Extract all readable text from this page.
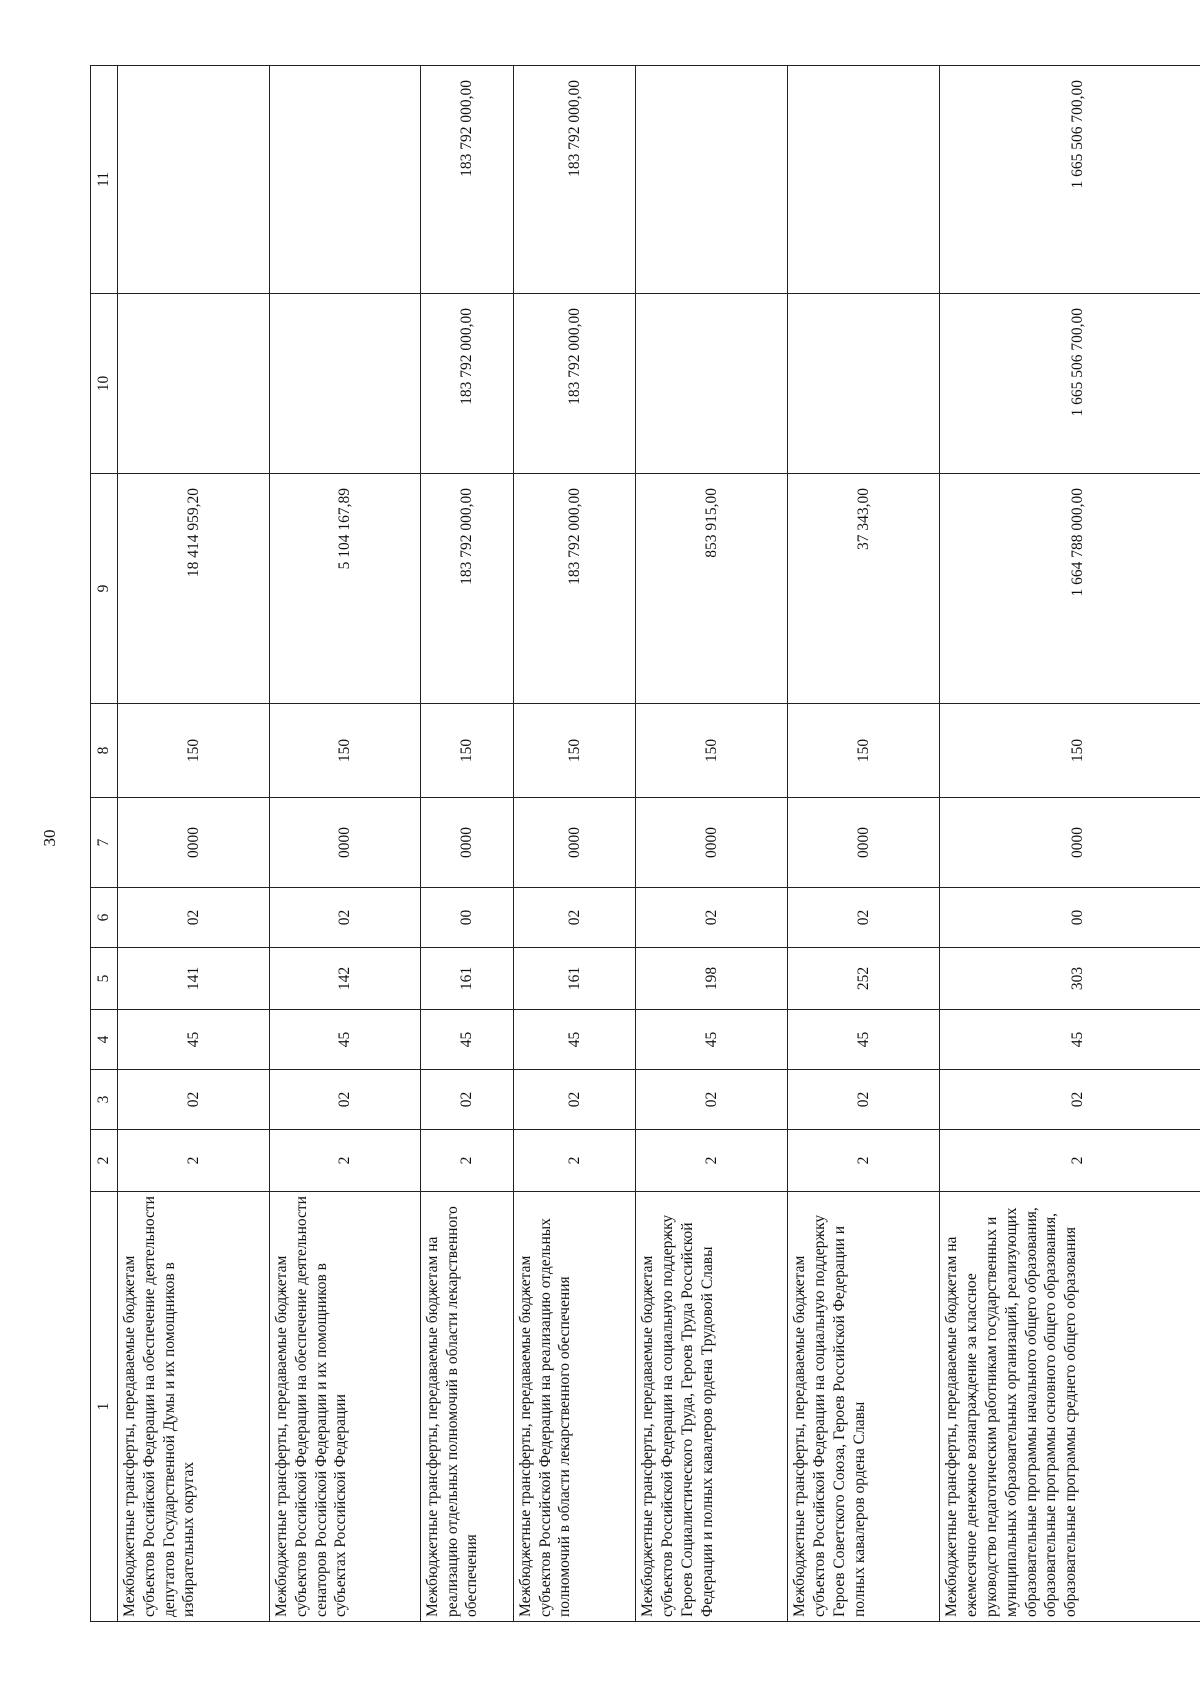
30
1	2	3	4	5	6	7	8	9	10	11
Межбюджетные трансферты, передаваемые бюджетам субъектов Российской Федерации на обеспечение деятельности депутатов Государственной Думы и их помощников в избирательных округах	2	02	45	141	02	0000	150	18 414 959,20		
Межбюджетные трансферты, передаваемые бюджетам субъектов Российской Федерации на обеспечение деятельности сенаторов Российской Федерации и их помощников в субъектах Российской Федерации	2	02	45	142	02	0000	150	5 104 167,89		
Межбюджетные трансферты, передаваемые бюджетам на реализацию отдельных полномочий в области лекарственного обеспечения	2	02	45	161	00	0000	150	183 792 000,00	183 792 000,00	183 792 000,00
Межбюджетные трансферты, передаваемые бюджетам субъектов Российской Федерации на реализацию отдельных полномочий в области лекарственного обеспечения	2	02	45	161	02	0000	150	183 792 000,00	183 792 000,00	183 792 000,00
Межбюджетные трансферты, передаваемые бюджетам субъектов Российской Федерации на социальную поддержку Героев Социалистического Труда, Героев Труда Российской Федерации и полных кавалеров ордена Трудовой Славы	2	02	45	198	02	0000	150	853 915,00		
Межбюджетные трансферты, передаваемые бюджетам субъектов Российской Федерации на социальную поддержку Героев Советского Союза, Героев Российской Федерации и полных кавалеров ордена Славы	2	02	45	252	02	0000	150	37 343,00		
Межбюджетные трансферты, передаваемые бюджетам на ежемесячное денежное вознаграждение за классное руководство педагогическим работникам государственных и муниципальных образовательных организаций, реализующих образовательные программы начального общего образования, образовательные программы основного общего образования, образовательные программы среднего общего образования	2	02	45	303	00	0000	150	1 664 788 000,00	1 665 506 700,00	1 665 506 700,00
